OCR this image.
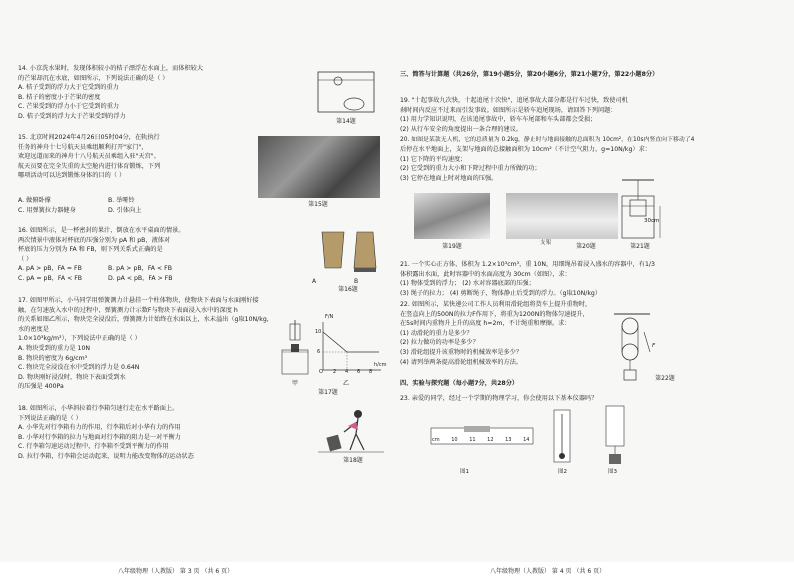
14. 小京洗水果时，发现体积较小的桔子漂浮在水面上，而体积较大
的芒果却沉在水底，如图所示，下列说法正确的是（ ）
A. 桔子受到的浮力大于它受到的重力
B. 桔子的密度小于芒果的密度
C. 芒果受到的浮力小于它受到的重力
D. 桔子受到的浮力大于芒果受到的浮力
第14题
15. 北京时间2024年4月26日05时04分，在轨执行
任务的神舟十七号航天员乘组顺利打开"家门"，
欢迎远道而来的神舟十八号航天员乘组入驻"天宫"。
航天员要在完全失重的太空舱内进行体育锻炼，下列
哪项活动可以达到锻炼身体的目的（ ）
A. 做俯卧撑	B. 举哑铃
C. 用弹簧拉力器健身	D. 引体向上
第15题
16. 如图所示，是一杯密封的果汁，倒放在水平桌面的情景。
两次情景中液体对杯底的压强分别为 pA 和 pB，液体对
杯底的压力分别为 FA 和 FB，则下列关系式正确的是
（ ）
A. pA > pB，FA = FB	B. pA > pB，FA < FB
C. pA = pB，FA < FB	D. pA < pB，FA > FB	A	B
第16题
17. 如图甲所示，小马同学用弹簧测力计悬挂一个柱体物块，使物块下表面与水面刚好接
触，在匀速放入水中的过程中，弹簧测力计示数F与物块下表面浸入水中的深度 h
的关系如图乙所示，物块完全浸没后，弹簧测力计始终在水面以上，水未溢出（g取10N/kg，水的密度是
1.0×10³kg/m³），下列说法中正确的是（ ）
A. 物块受到的重力是 10N
B. 物块的密度为 6g/cm³
C. 物块完全浸没在水中受到的浮力是 0.64N
D. 物块刚好浸没时，物块下表面受到水
的压强是 400Pa	甲
F/N
10
6
O 2 4 6 8
h/cm
乙
第17题
18. 如图所示，小华斜拉着行李箱匀速行走在水平路面上。
下列说法正确的是（ ）
A. 小华先对行李箱有力的作用，行李箱后对小华有力的作用
B. 小华对行李箱的拉力与地面对行李箱的阻力是一对平衡力
C. 行李箱匀速运动过程中，行李箱不受到平衡力的作用
D. 拉行李箱，行李箱会运动起来，说明力能改变物体的运动状态
第18题
八年级物理（人教版） 第 3 页 （共 6 页）
三、简答与计算题（共26分，第19小题5分，第20小题6分，第21小题7分，第22小题8分）
19. "十起事故九次快，十起追尾十次快"，追尾事故大部分都是行车过快，致使司机
刹时间内反应不过来而引发事故。如图所示是轿车追尾现场，请回答下列问题：
(1) 用力学知识说明，在该追尾事故中，轿车车尾部和车头部都会受损；
(2) 从行车安全的角度提出一条合理的建议。
20. 如图是某款无人机，它的总质量为 0.2kg，静止时与地面接触的总面积为 10cm²，在10s内竖直向下移动了4
后停在水平地面上，支架与地面的总接触面积为 10cm²（不计空气阻力，g=10N/kg）求：
(1) 它下降的平均速度；
(2) 它受到的重力大小和下降过程中重力所做的功；
(3) 它停在地面上时对地面的压强。
第19题	支架	第20题
30cm
第21题
21. 一个实心正方体，体积为 1.2×10³cm³，重 10N，用细绳吊着浸入盛水的容器中，有1/3
体积露出水面，此时容器中的水面高度为 30cm（如图），求：
(1) 物体受到的浮力； (2) 水对容器底部的压强；
(3) 绳子的拉力； (4) 剪断绳子，物体静止后受到的浮力。（g取10N/kg）
22. 如图所示，某快递公司工作人员利用滑轮组将货车上提升重物时，
在竖直向上的500N的拉力F作用下，将重为1200N的物体匀速提升，
在5s时间内重物升上升的高度 h=2m，不计绳重和摩擦。求：
(1) 动滑轮的重力是多少？
(2) 拉力做功的功率是多少？
(3) 滑轮组提升该重物时的机械效率是多少？
(4) 请列举两条提高滑轮组机械效率的方法。
F
第22题
四、实验与探究题（每小题7分，共28分）
23. 亲爱的同学，经过一个学期的物理学习，你会使用以下基本仪器吗？
cm 10 11 12 13 14
图1	图2	图3
八年级物理（人教版） 第 4 页 （共 6 页）
